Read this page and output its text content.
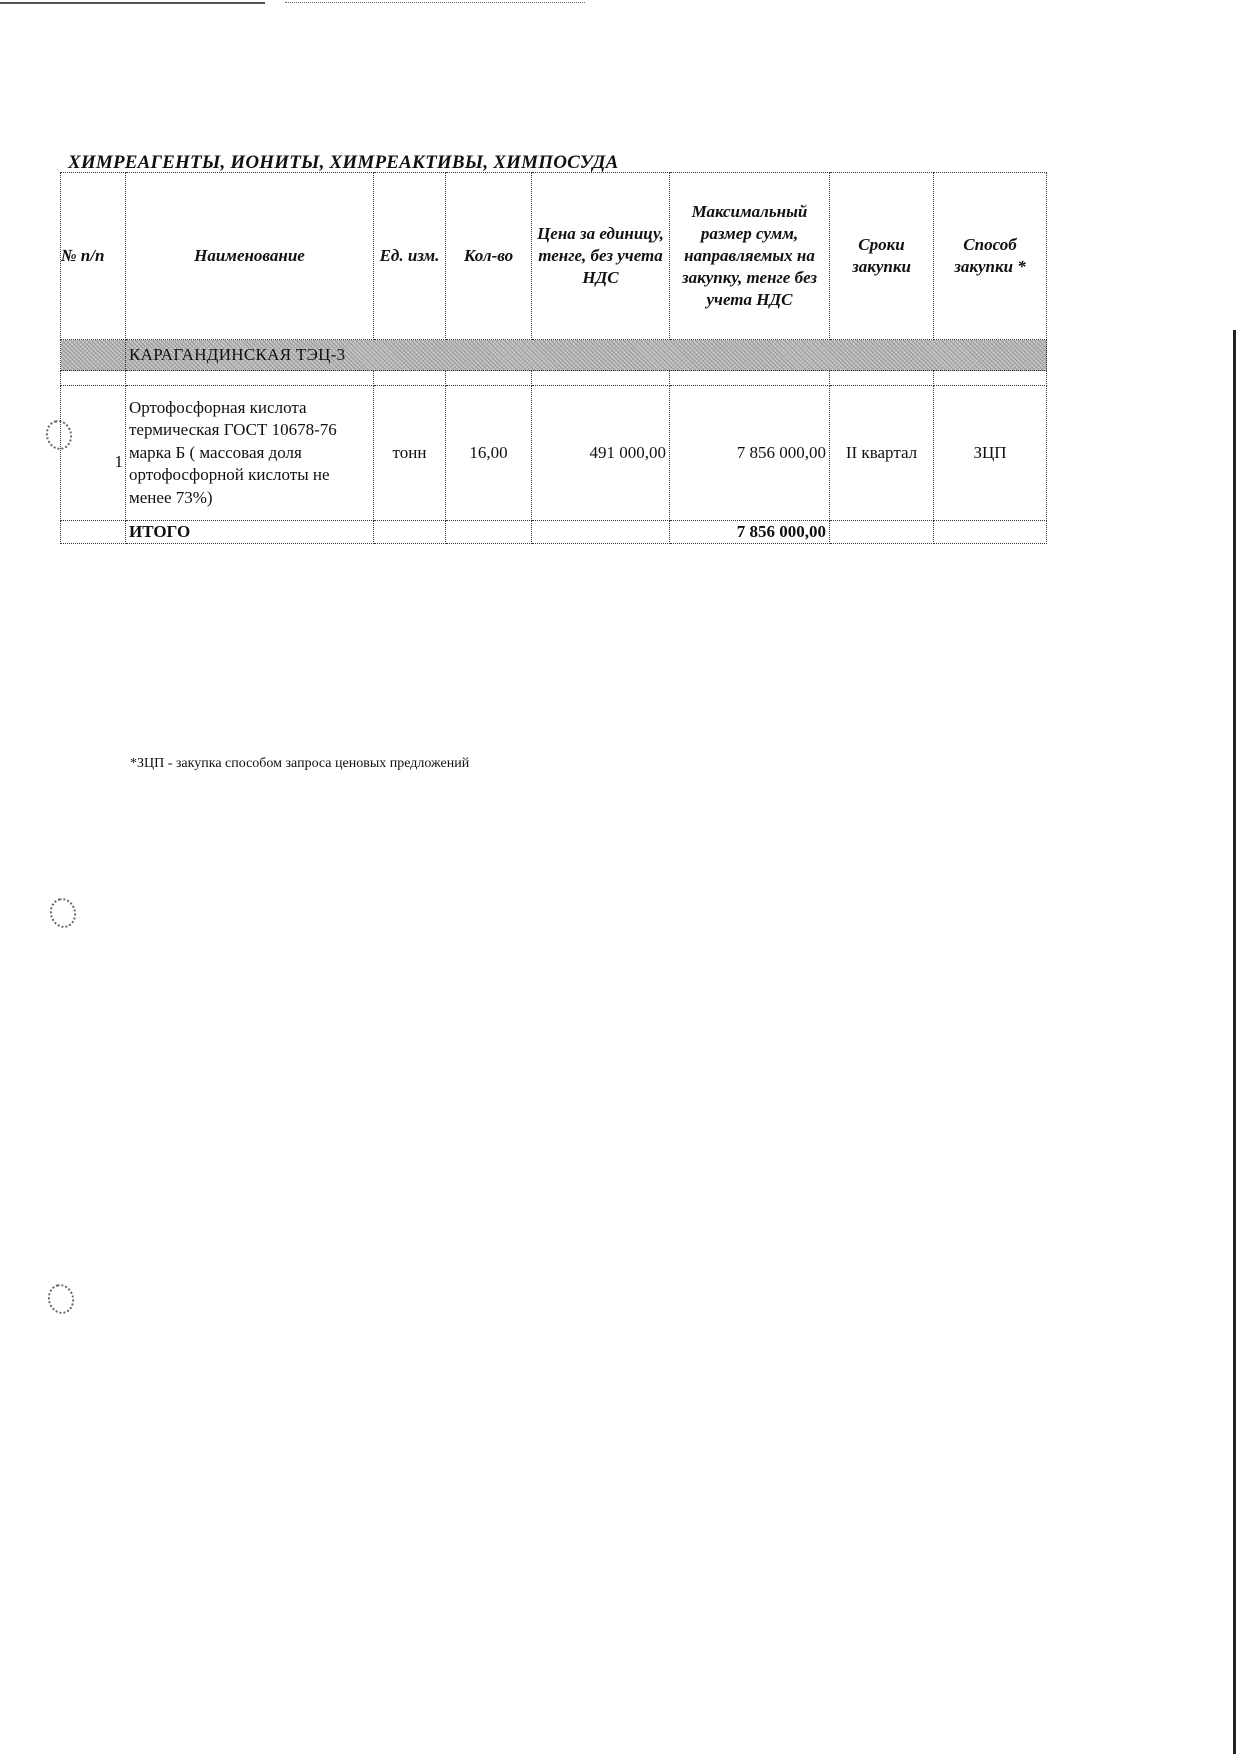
ХИМРЕАГЕНТЫ, ИОНИТЫ, ХИМРЕАКТИВЫ, ХИМПОСУДА
№ п/п	Наименование	Ед. изм.	Кол-во	Цена за единицу, тенге, без учета НДС	Максимальный размер сумм, направляемых на закупку, тенге без учета НДС	Сроки закупки	Способ закупки *
	КАРАГАНДИНСКАЯ ТЭЦ-3						

1	Ортофосфорная кислота термическая ГОСТ 10678-76 марка Б ( массовая доля ортофосфорной кислоты не менее 73%)	тонн	16,00	491 000,00	7 856 000,00	II квартал	ЗЦП
	ИТОГО				7 856 000,00		

*ЗЦП - закупка способом запроса ценовых предложений
